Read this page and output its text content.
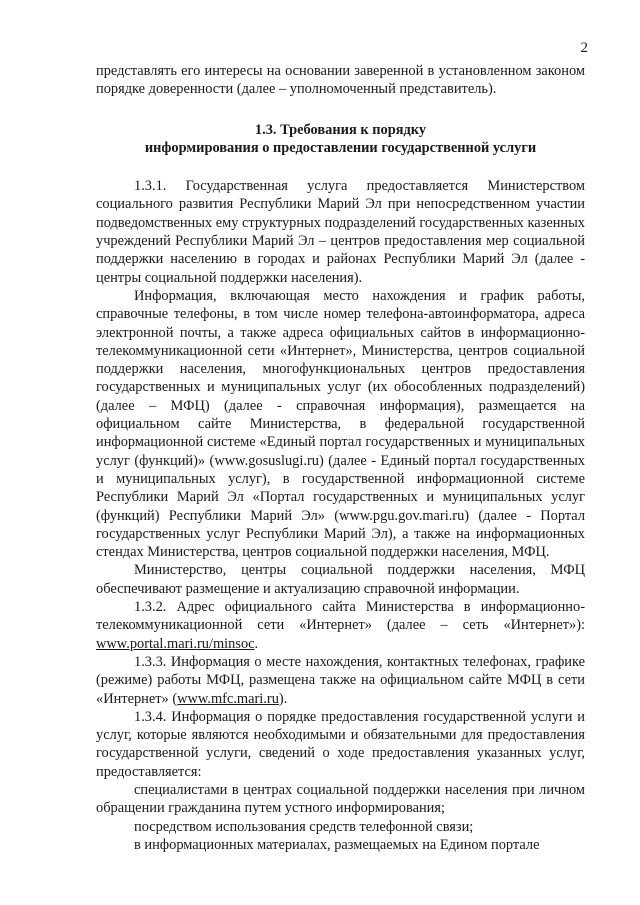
2

представлять его интересы на основании заверенной в установленном законом порядке доверенности (далее – уполномоченный представитель).

1.3. Требования к порядку
информирования о предоставлении государственной услуги

1.3.1. Государственная услуга предоставляется Министерством социального развития Республики Марий Эл при непосредственном участии подведомственных ему структурных подразделений государственных казенных учреждений Республики Марий Эл – центров предоставления мер социальной поддержки населению в городах и районах Республики Марий Эл (далее - центры социальной поддержки населения).

Информация, включающая место нахождения и график работы, справочные телефоны, в том числе номер телефона-автоинформатора, адреса электронной почты, а также адреса официальных сайтов в информационно-телекоммуникационной сети «Интернет», Министерства, центров социальной поддержки населения, многофункциональных центров предоставления государственных и муниципальных услуг (их обособленных подразделений) (далее – МФЦ) (далее - справочная информация), размещается на официальном сайте Министерства, в федеральной государственной информационной системе «Единый портал государственных и муниципальных услуг (функций)» (www.gosuslugi.ru) (далее - Единый портал государственных и муниципальных услуг), в государственной информационной системе Республики Марий Эл «Портал государственных и муниципальных услуг (функций) Республики Марий Эл» (www.pgu.gov.mari.ru) (далее - Портал государственных услуг Республики Марий Эл), а также на информационных стендах Министерства, центров социальной поддержки населения, МФЦ.

Министерство, центры социальной поддержки населения, МФЦ обеспечивают размещение и актуализацию справочной информации.

1.3.2. Адрес официального сайта Министерства в информационно-телекоммуникационной сети «Интернет» (далее – сеть «Интернет»): www.portal.mari.ru/minsoc.

1.3.3. Информация о месте нахождения, контактных телефонах, графике (режиме) работы МФЦ, размещена также на официальном сайте МФЦ в сети «Интернет» (www.mfc.mari.ru).

1.3.4. Информация о порядке предоставления государственной услуги и услуг, которые являются необходимыми и обязательными для предоставления государственной услуги, сведений о ходе предоставления указанных услуг, предоставляется:

специалистами в центрах социальной поддержки населения при личном обращении гражданина путем устного информирования;

посредством использования средств телефонной связи;

в информационных материалах, размещаемых на Едином портале
